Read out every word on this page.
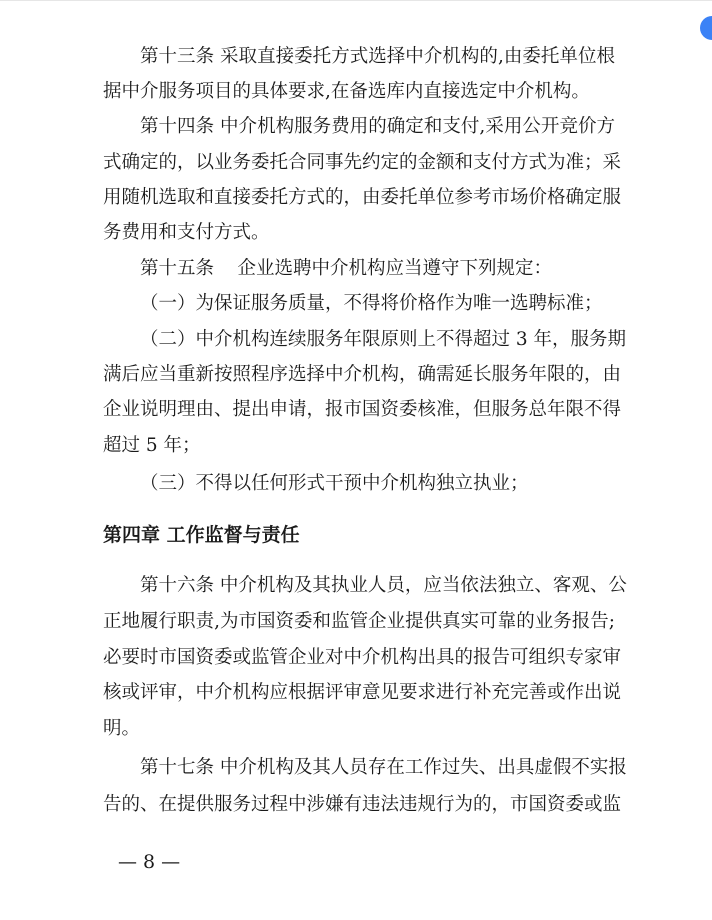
第十三条 采取直接委托方式选择中介机构的,由委托单位根
据中介服务项目的具体要求,在备选库内直接选定中介机构。
第十四条 中介机构服务费用的确定和支付,采用公开竞价方
式确定的，以业务委托合同事先约定的金额和支付方式为准；采
用随机选取和直接委托方式的，由委托单位参考市场价格确定服
务费用和支付方式。
第十五条    企业选聘中介机构应当遵守下列规定：
（一）为保证服务质量，不得将价格作为唯一选聘标准；
（二）中介机构连续服务年限原则上不得超过 3 年，服务期
满后应当重新按照程序选择中介机构，确需延长服务年限的，由
企业说明理由、提出申请，报市国资委核准，但服务总年限不得
超过 5 年；
（三）不得以任何形式干预中介机构独立执业；
第十六条 中介机构及其执业人员，应当依法独立、客观、公
正地履行职责,为市国资委和监管企业提供真实可靠的业务报告;
必要时市国资委或监管企业对中介机构出具的报告可组织专家审
核或评审，中介机构应根据评审意见要求进行补充完善或作出说
明。
第十七条 中介机构及其人员存在工作过失、出具虚假不实报
告的、在提供服务过程中涉嫌有违法违规行为的，市国资委或监
第四章 工作监督与责任
— 8 —
